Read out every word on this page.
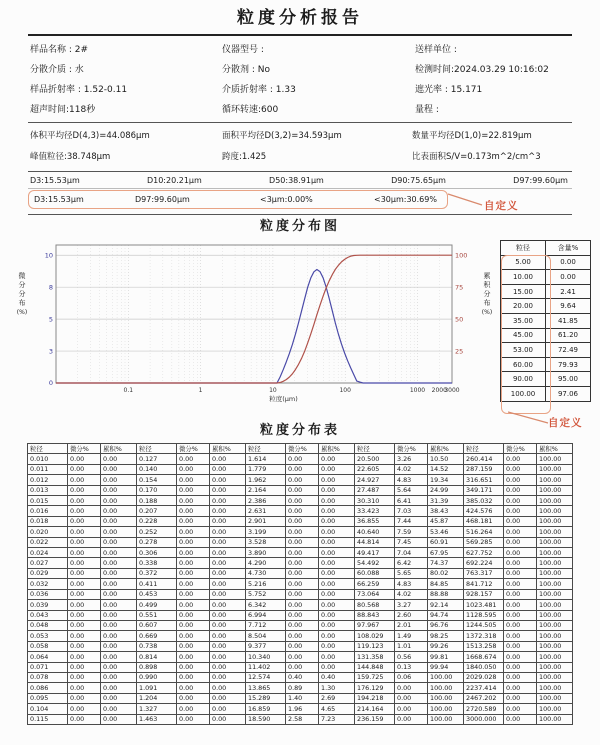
粒度分析报告
样品名称 : 2#	仪器型号 :	送样单位 :
分散介质 : 水	分散剂 : No	检测时间:2024.03.29 10:16:02
样品折射率 : 1.52-0.11	介质折射率 : 1.33	遮光率 : 15.171
超声时间:118秒	循环转速:600	量程 :
体积平均径D(4,3)=44.086μm	面积平均径D(3,2)=34.593μm	数量平均径D(1,0)=22.819μm
峰值粒径:38.748μm	跨度:1.425	比表面积S/V=0.173m^2/cm^3
D3:15.53μm	D10:20.21μm	D50:38.91μm	D90:75.65μm	D97:99.60μm
D3:15.53μm	D97:99.60μm	<3μm:0.00%	<30μm:30.69%
自定义
粒度分布图
微
分
分
布
(%)
10
8
5
3
0
100
75
50
25
0.1	1	10	100	1000 2000
3000
粒度(μm)
累
积
分
布
(%)
粒径	含量%
5.00	0.00
10.00	0.00
15.00	2.41
20.00	9.64
35.00	41.85
45.00	61.20
53.00	72.49
60.00	79.93
90.00	95.00
100.00	97.06
自定义
粒度分布表
粒径	微分%	累积%	粒径	微分%	累积%	粒径	微分%	累积%	粒径	微分%	累积%	粒径	微分%	累积%
0.010	0.00	0.00	0.127	0.00	0.00	1.614	0.00	0.00	20.500	3.26	10.50	260.414	0.00	100.00
0.011	0.00	0.00	0.140	0.00	0.00	1.779	0.00	0.00	22.605	4.02	14.52	287.159	0.00	100.00
0.012	0.00	0.00	0.154	0.00	0.00	1.962	0.00	0.00	24.927	4.83	19.34	316.651	0.00	100.00
0.013	0.00	0.00	0.170	0.00	0.00	2.164	0.00	0.00	27.487	5.64	24.99	349.171	0.00	100.00
0.015	0.00	0.00	0.188	0.00	0.00	2.386	0.00	0.00	30.310	6.41	31.39	385.032	0.00	100.00
0.016	0.00	0.00	0.207	0.00	0.00	2.631	0.00	0.00	33.423	7.03	38.43	424.576	0.00	100.00
0.018	0.00	0.00	0.228	0.00	0.00	2.901	0.00	0.00	36.855	7.44	45.87	468.181	0.00	100.00
0.020	0.00	0.00	0.252	0.00	0.00	3.199	0.00	0.00	40.640	7.59	53.46	516.264	0.00	100.00
0.022	0.00	0.00	0.278	0.00	0.00	3.528	0.00	0.00	44.814	7.45	60.91	569.285	0.00	100.00
0.024	0.00	0.00	0.306	0.00	0.00	3.890	0.00	0.00	49.417	7.04	67.95	627.752	0.00	100.00
0.027	0.00	0.00	0.338	0.00	0.00	4.290	0.00	0.00	54.492	6.42	74.37	692.224	0.00	100.00
0.029	0.00	0.00	0.372	0.00	0.00	4.730	0.00	0.00	60.088	5.65	80.02	763.317	0.00	100.00
0.032	0.00	0.00	0.411	0.00	0.00	5.216	0.00	0.00	66.259	4.83	84.85	841.712	0.00	100.00
0.036	0.00	0.00	0.453	0.00	0.00	5.752	0.00	0.00	73.064	4.02	88.88	928.157	0.00	100.00
0.039	0.00	0.00	0.499	0.00	0.00	6.342	0.00	0.00	80.568	3.27	92.14	1023.481	0.00	100.00
0.043	0.00	0.00	0.551	0.00	0.00	6.994	0.00	0.00	88.843	2.60	94.74	1128.595	0.00	100.00
0.048	0.00	0.00	0.607	0.00	0.00	7.712	0.00	0.00	97.967	2.01	96.76	1244.505	0.00	100.00
0.053	0.00	0.00	0.669	0.00	0.00	8.504	0.00	0.00	108.029	1.49	98.25	1372.318	0.00	100.00
0.058	0.00	0.00	0.738	0.00	0.00	9.377	0.00	0.00	119.123	1.01	99.26	1513.258	0.00	100.00
0.064	0.00	0.00	0.814	0.00	0.00	10.340	0.00	0.00	131.358	0.56	99.81	1668.674	0.00	100.00
0.071	0.00	0.00	0.898	0.00	0.00	11.402	0.00	0.00	144.848	0.13	99.94	1840.050	0.00	100.00
0.078	0.00	0.00	0.990	0.00	0.00	12.574	0.40	0.40	159.725	0.06	100.00	2029.028	0.00	100.00
0.086	0.00	0.00	1.091	0.00	0.00	13.865	0.89	1.30	176.129	0.00	100.00	2237.414	0.00	100.00
0.095	0.00	0.00	1.204	0.00	0.00	15.289	1.40	2.69	194.218	0.00	100.00	2467.202	0.00	100.00
0.104	0.00	0.00	1.327	0.00	0.00	16.859	1.96	4.65	214.164	0.00	100.00	2720.589	0.00	100.00
0.115	0.00	0.00	1.463	0.00	0.00	18.590	2.58	7.23	236.159	0.00	100.00	3000.000	0.00	100.00
